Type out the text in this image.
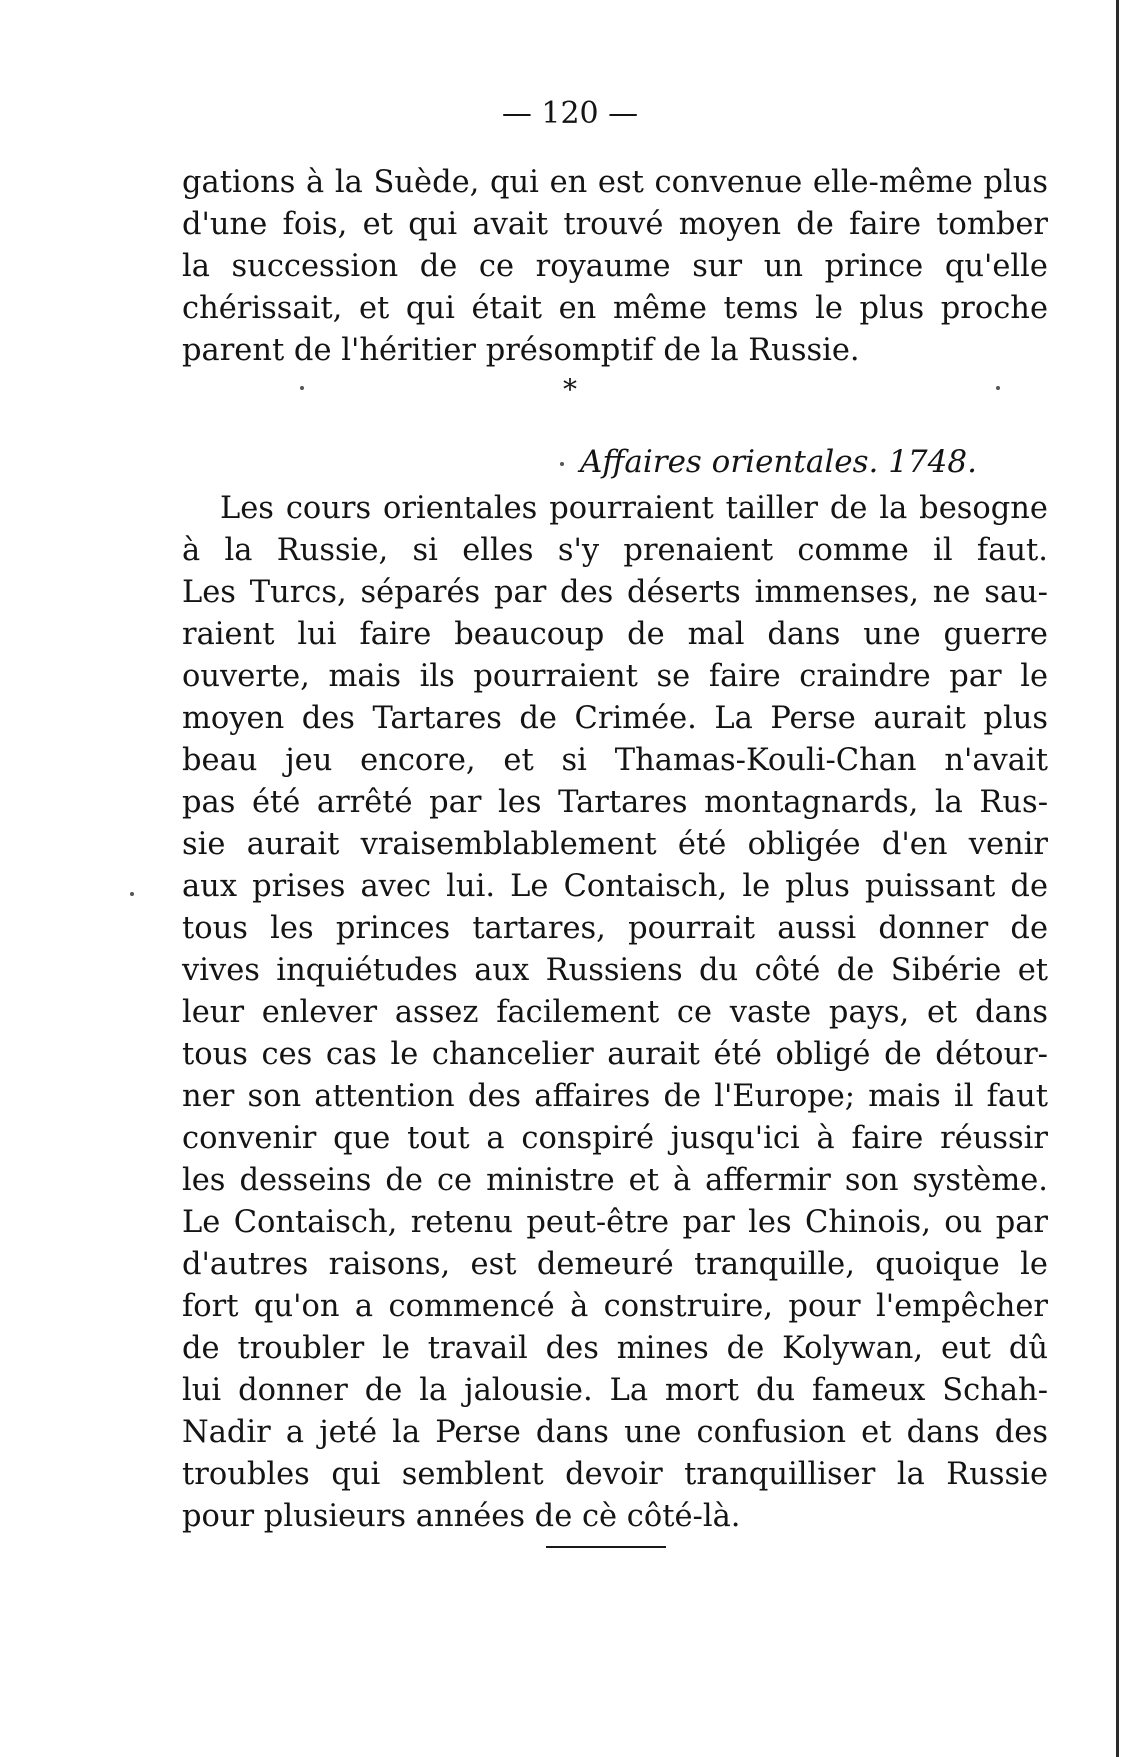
— 120 —
gations à la Suède, qui en est convenue elle-même plus
d'une fois, et qui avait trouvé moyen de faire tomber
la succession de ce royaume sur un prince qu'elle
chérissait, et qui était en même tems le plus proche
parent de l'héritier présomptif de la Russie.
*
Affaires orientales. 1748.
Les cours orientales pourraient tailler de la besogne
à la Russie, si elles s'y prenaient comme il faut.
Les Turcs, séparés par des déserts immenses, ne sau-
raient lui faire beaucoup de mal dans une guerre
ouverte, mais ils pourraient se faire craindre par le
moyen des Tartares de Crimée. La Perse aurait plus
beau jeu encore, et si Thamas-Kouli-Chan n'avait
pas été arrêté par les Tartares montagnards, la Rus-
sie aurait vraisemblablement été obligée d'en venir
aux prises avec lui. Le Contaisch, le plus puissant de
tous les princes tartares, pourrait aussi donner de
vives inquiétudes aux Russiens du côté de Sibérie et
leur enlever assez facilement ce vaste pays, et dans
tous ces cas le chancelier aurait été obligé de détour-
ner son attention des affaires de l'Europe; mais il faut
convenir que tout a conspiré jusqu'ici à faire réussir
les desseins de ce ministre et à affermir son système.
Le Contaisch, retenu peut-être par les Chinois, ou par
d'autres raisons, est demeuré tranquille, quoique le
fort qu'on a commencé à construire, pour l'empêcher
de troubler le travail des mines de Kolywan, eut dû
lui donner de la jalousie. La mort du fameux Schah-
Nadir a jeté la Perse dans une confusion et dans des
troubles qui semblent devoir tranquilliser la Russie
pour plusieurs années de cè côté-là.
